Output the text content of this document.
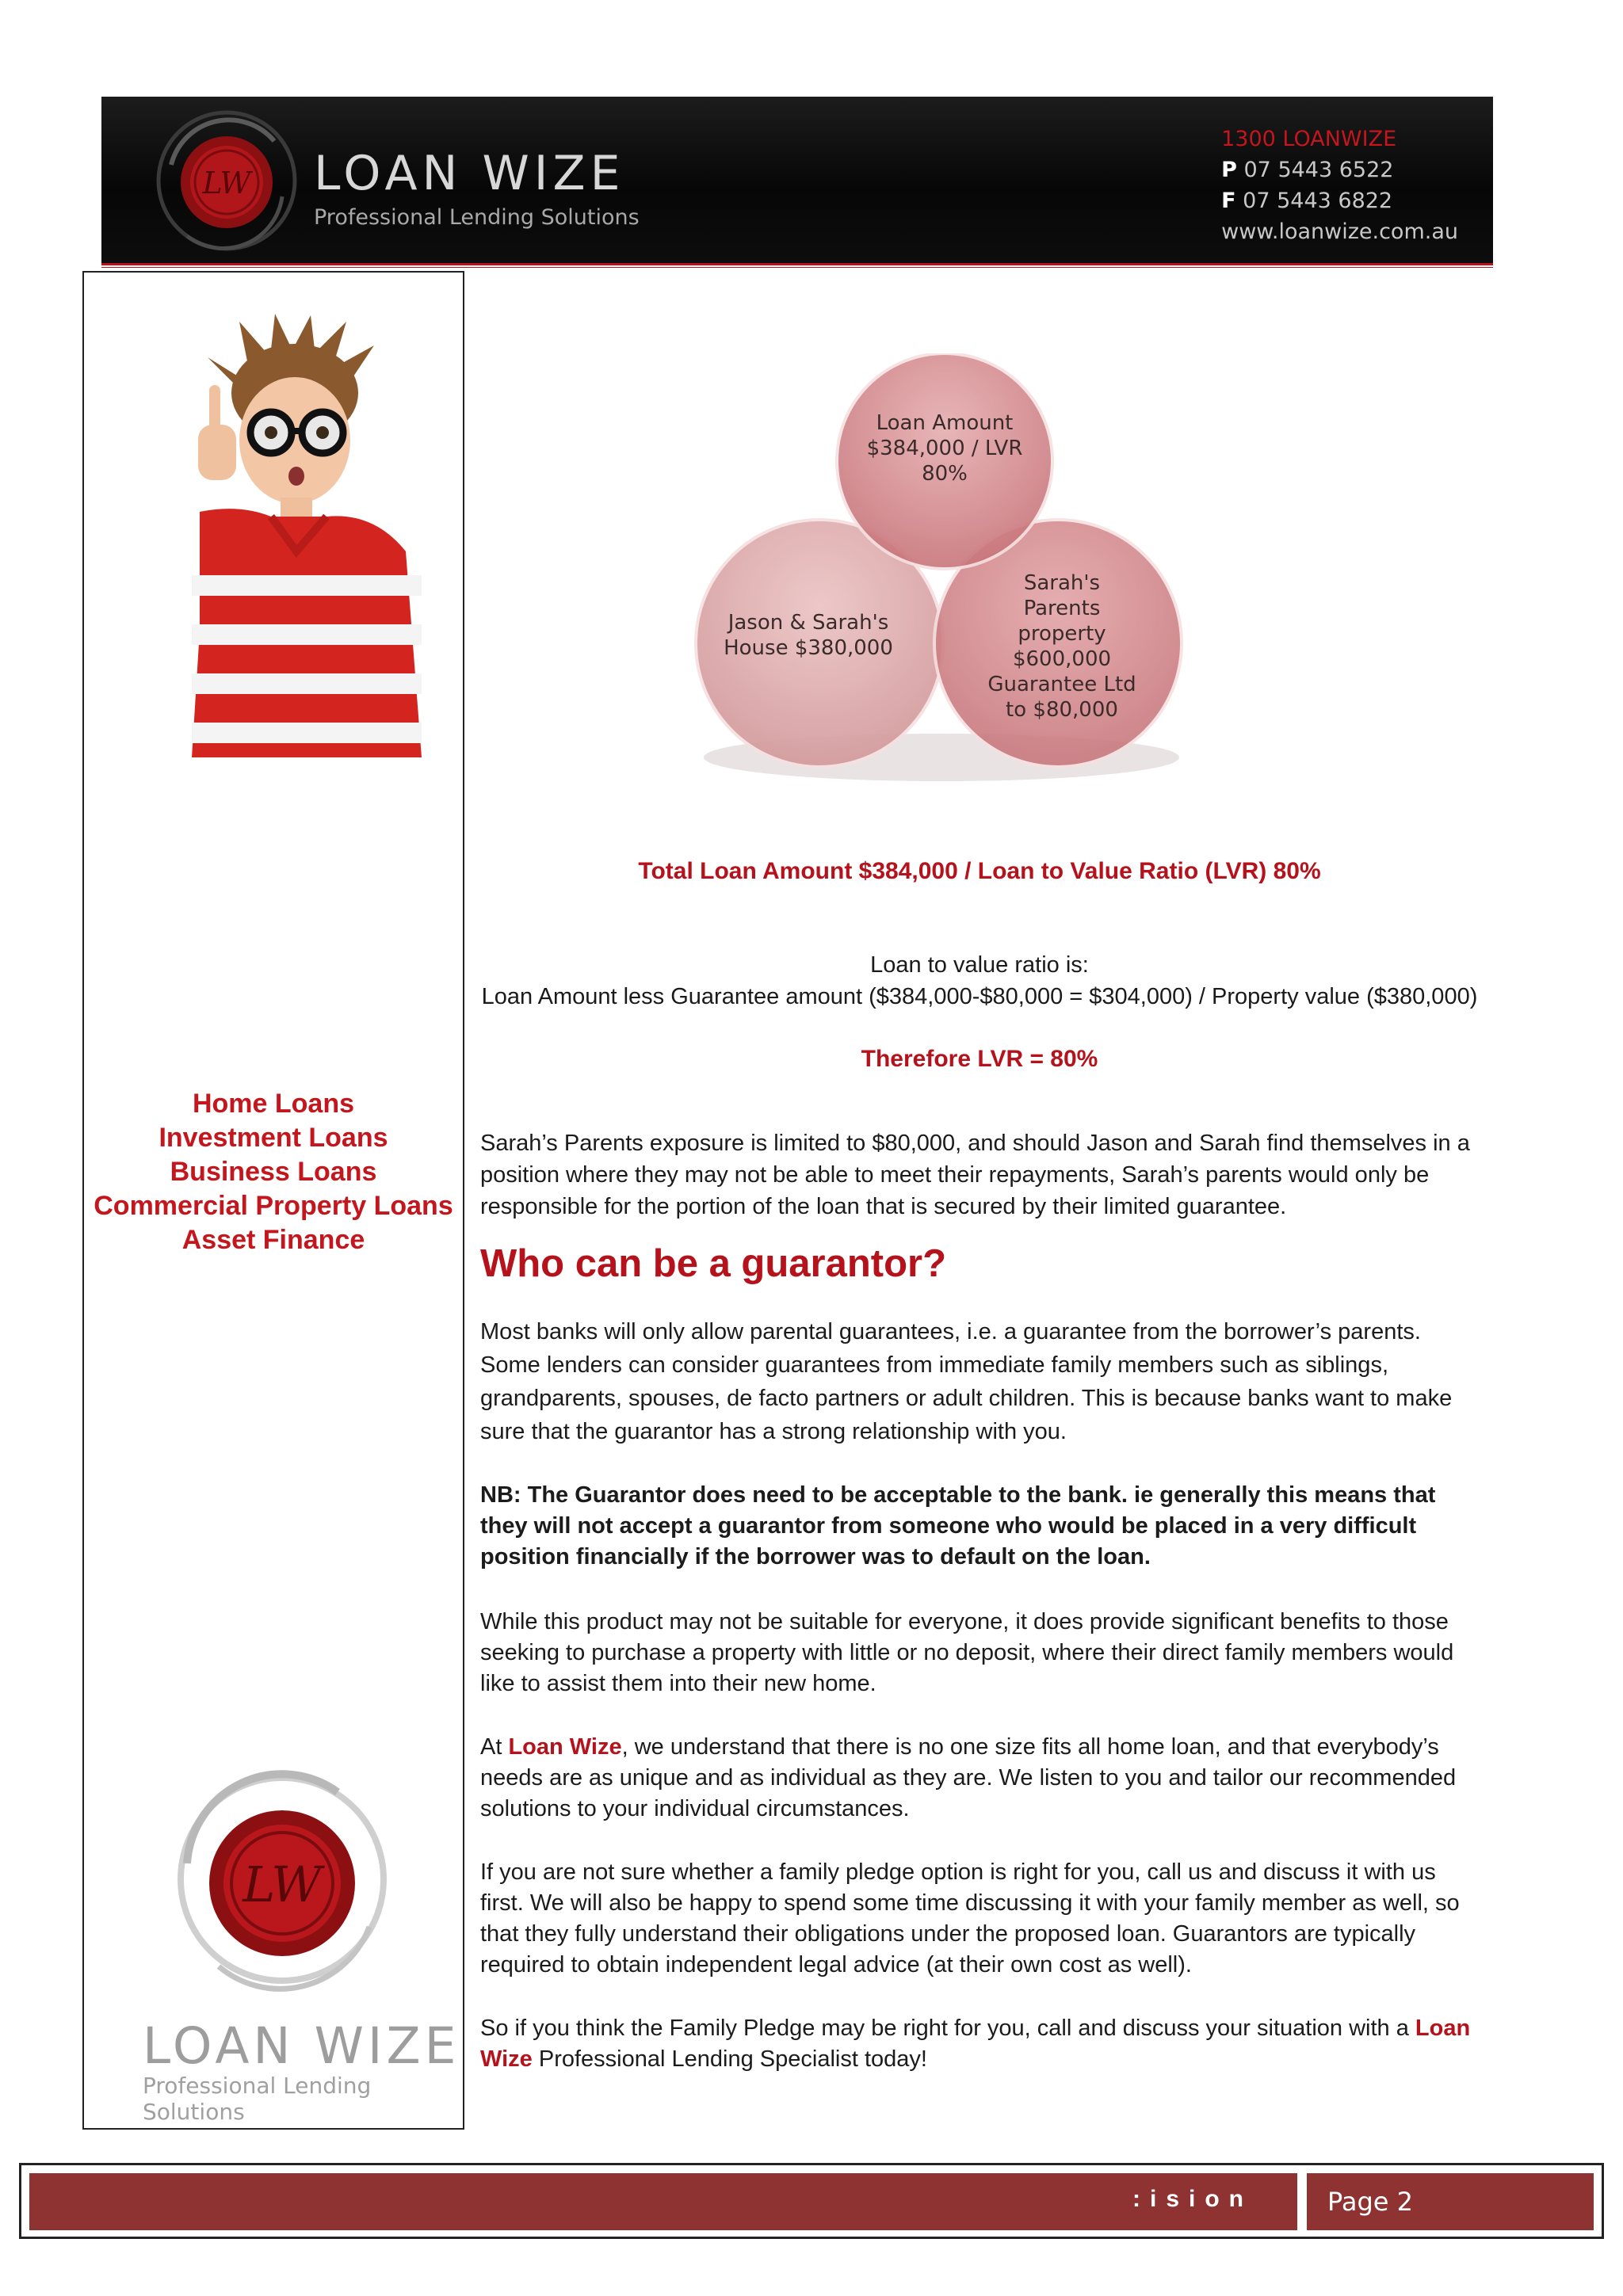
LW LOAN WIZE
Professional Lending Solutions
1300 LOANWIZE
P 07 5443 6522
F 07 5443 6822
www.loanwize.com.au
Home Loans
Investment Loans
Business Loans
Commercial Property Loans
Asset Finance
LW
LOAN WIZE
Professional Lending Solutions
Loan Amount
$384,000 / LVR
80%
Jason & Sarah's
House $380,000
Sarah's Parents
property
$600,000
Guarantee Ltd
to $80,000
Total Loan Amount $384,000 / Loan to Value Ratio (LVR) 80%
Loan to value ratio is:
Loan Amount less Guarantee amount ($384,000-$80,000 = $304,000) / Property value ($380,000)
Therefore LVR = 80%
Sarah’s Parents exposure is limited to $80,000, and should Jason and Sarah find themselves in a position where they may not be able to meet their repayments, Sarah’s parents would only be responsible for the portion of the loan that is secured by their limited guarantee.
Who can be a guarantor?
Most banks will only allow parental guarantees, i.e. a guarantee from the borrower’s parents. Some lenders can consider guarantees from immediate family members such as siblings, grandparents, spouses, de facto partners or adult children. This is because banks want to make sure that the guarantor has a strong relationship with you.
NB: The Guarantor does need to be acceptable to the bank. ie generally this means that they will not accept a guarantor from someone who would be placed in a very difficult position financially if the borrower was to default on the loan.
While this product may not be suitable for everyone, it does provide significant benefits to those seeking to purchase a property with little or no deposit, where their direct family members would like to assist them into their new home.
At Loan Wize, we understand that there is no one size fits all home loan, and that everybody’s needs are as unique and as individual as they are. We listen to you and tailor our recommended solutions to your individual circumstances.
If you are not sure whether a family pledge option is right for you, call us and discuss it with us first. We will also be happy to spend some time discussing it with your family member as well, so that they fully understand their obligations under the proposed loan. Guarantors are typically required to obtain independent legal advice (at their own cost as well).
So if you think the Family Pledge may be right for you, call and discuss your situation with a Loan Wize Professional Lending Specialist today!
:ision	Page 2
